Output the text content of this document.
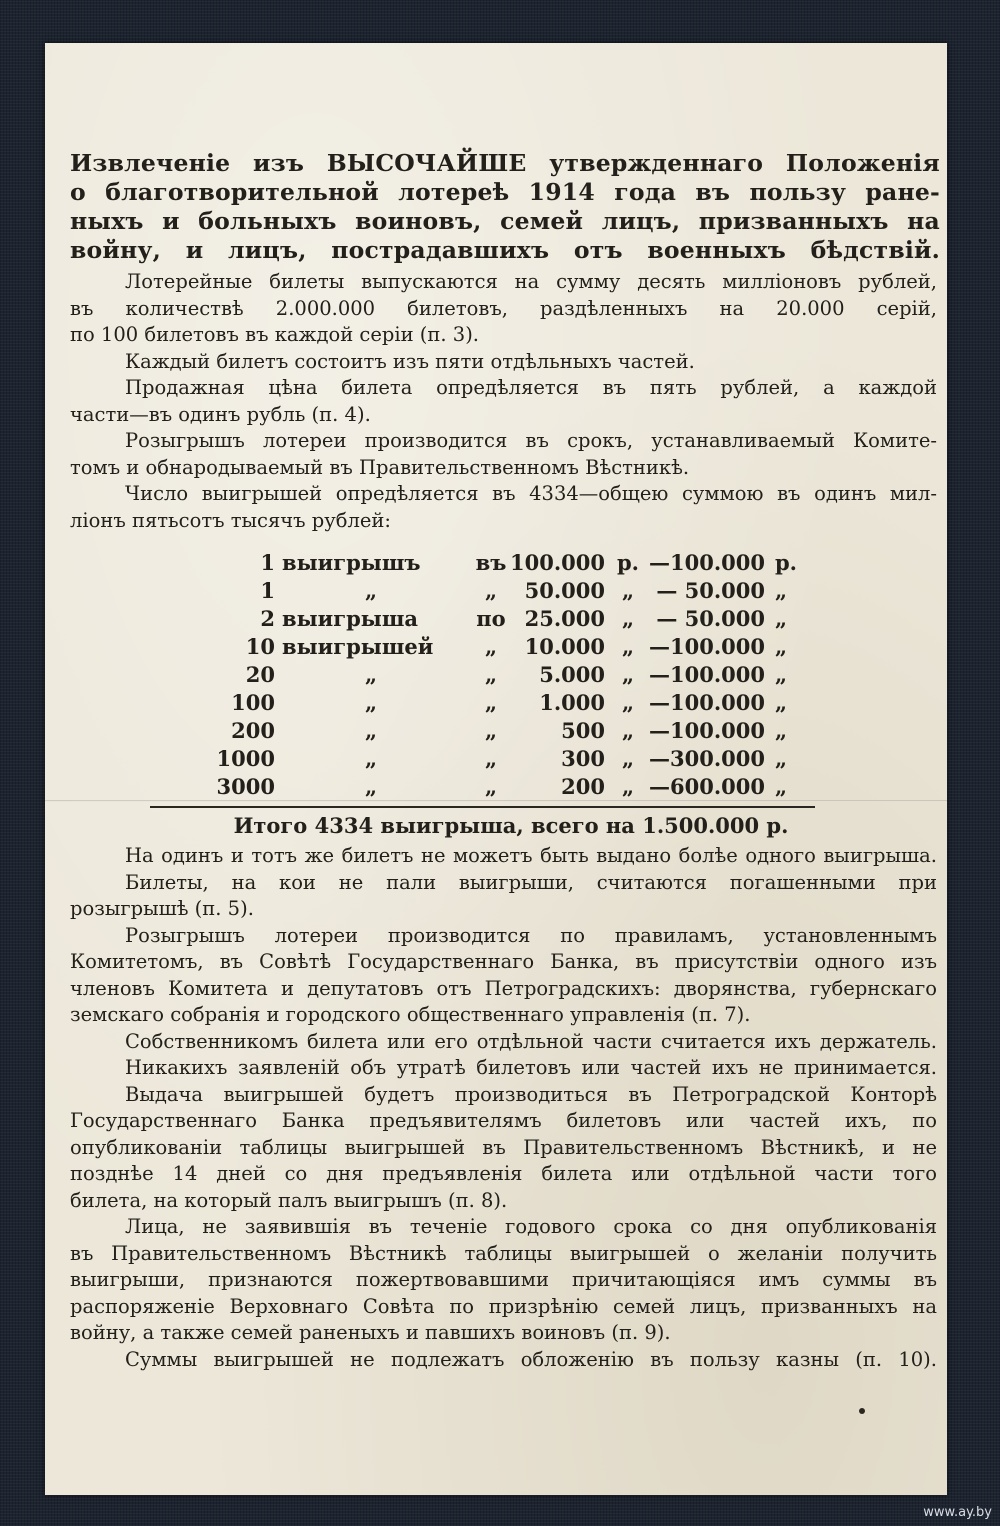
Извлеченіе изъ ВЫСОЧАЙШЕ утвержденнаго Положенія
о благотворительной лотереѣ 1914 года въ пользу ране-
ныхъ и больныхъ воиновъ, семей лицъ, призванныхъ на
войну, и лицъ, пострадавшихъ отъ военныхъ бѣдствій.
Лотерейные билеты выпускаются на сумму десять милліоновъ рублей,
въ количествѣ 2.000.000 билетовъ, раздѣленныхъ на 20.000 серій,
по 100 билетовъ въ каждой серіи (п. 3).
Каждый билетъ состоитъ изъ пяти отдѣльныхъ частей.
Продажная цѣна билета опредѣляется въ пять рублей, а каждой
части—въ одинъ рубль (п. 4).
Розыгрышъ лотереи производится въ срокъ, устанавливаемый Комите-
томъ и обнародываемый въ Правительственномъ Вѣстникѣ.
Число выигрышей опредѣляется въ 4334—общею суммою въ одинъ мил-
ліонъ пятьсотъ тысячъ рублей:
1 выигрышъ	въ 100.000 р. —100.000 р.
1	„	„	50.000 „	— 50.000 „
2 выигрыша	по 25.000 „	— 50.000 „
10 выигрышей	„	10.000 „ —100.000 „
20	„	„	5.000 „ —100.000 „
100	„	„	1.000 „ —100.000 „
200	„	„	500 „ —100.000 „
1000	„	„	300 „ —300.000 „
3000	„	„	200 „ —600.000 „
Итого 4334 выигрыша, всего на 1.500.000 р.
На одинъ и тотъ же билетъ не можетъ быть выдано болѣе одного выигрыша.
Билеты, на кои не пали выигрыши, считаются погашенными при
розыгрышѣ (п. 5).
Розыгрышъ лотереи производится по правиламъ, установленнымъ
Комитетомъ, въ Совѣтѣ Государственнаго Банка, въ присутствіи одного изъ
членовъ Комитета и депутатовъ отъ Петроградскихъ: дворянства, губернскаго
земскаго собранія и городского общественнаго управленія (п. 7).
Собственникомъ билета или его отдѣльной части считается ихъ держатель.
Никакихъ заявленій объ утратѣ билетовъ или частей ихъ не принимается.
Выдача выигрышей будетъ производиться въ Петроградской Конторѣ
Государственнаго Банка предъявителямъ билетовъ или частей ихъ, по
опубликованіи таблицы выигрышей въ Правительственномъ Вѣстникѣ, и не
позднѣе 14 дней со дня предъявленія билета или отдѣльной части того
билета, на который палъ выигрышъ (п. 8).
Лица, не заявившія въ теченіе годового срока со дня опубликованія
въ Правительственномъ Вѣстникѣ таблицы выигрышей о желаніи получить
выигрыши, признаются пожертвовавшими причитающіяся имъ суммы въ
распоряженіе Верховнаго Совѣта по призрѣнію семей лицъ, призванныхъ на
войну, а также семей раненыхъ и павшихъ воиновъ (п. 9).
Суммы выигрышей не подлежатъ обложенію въ пользу казны (п. 10).
www.ay.by
